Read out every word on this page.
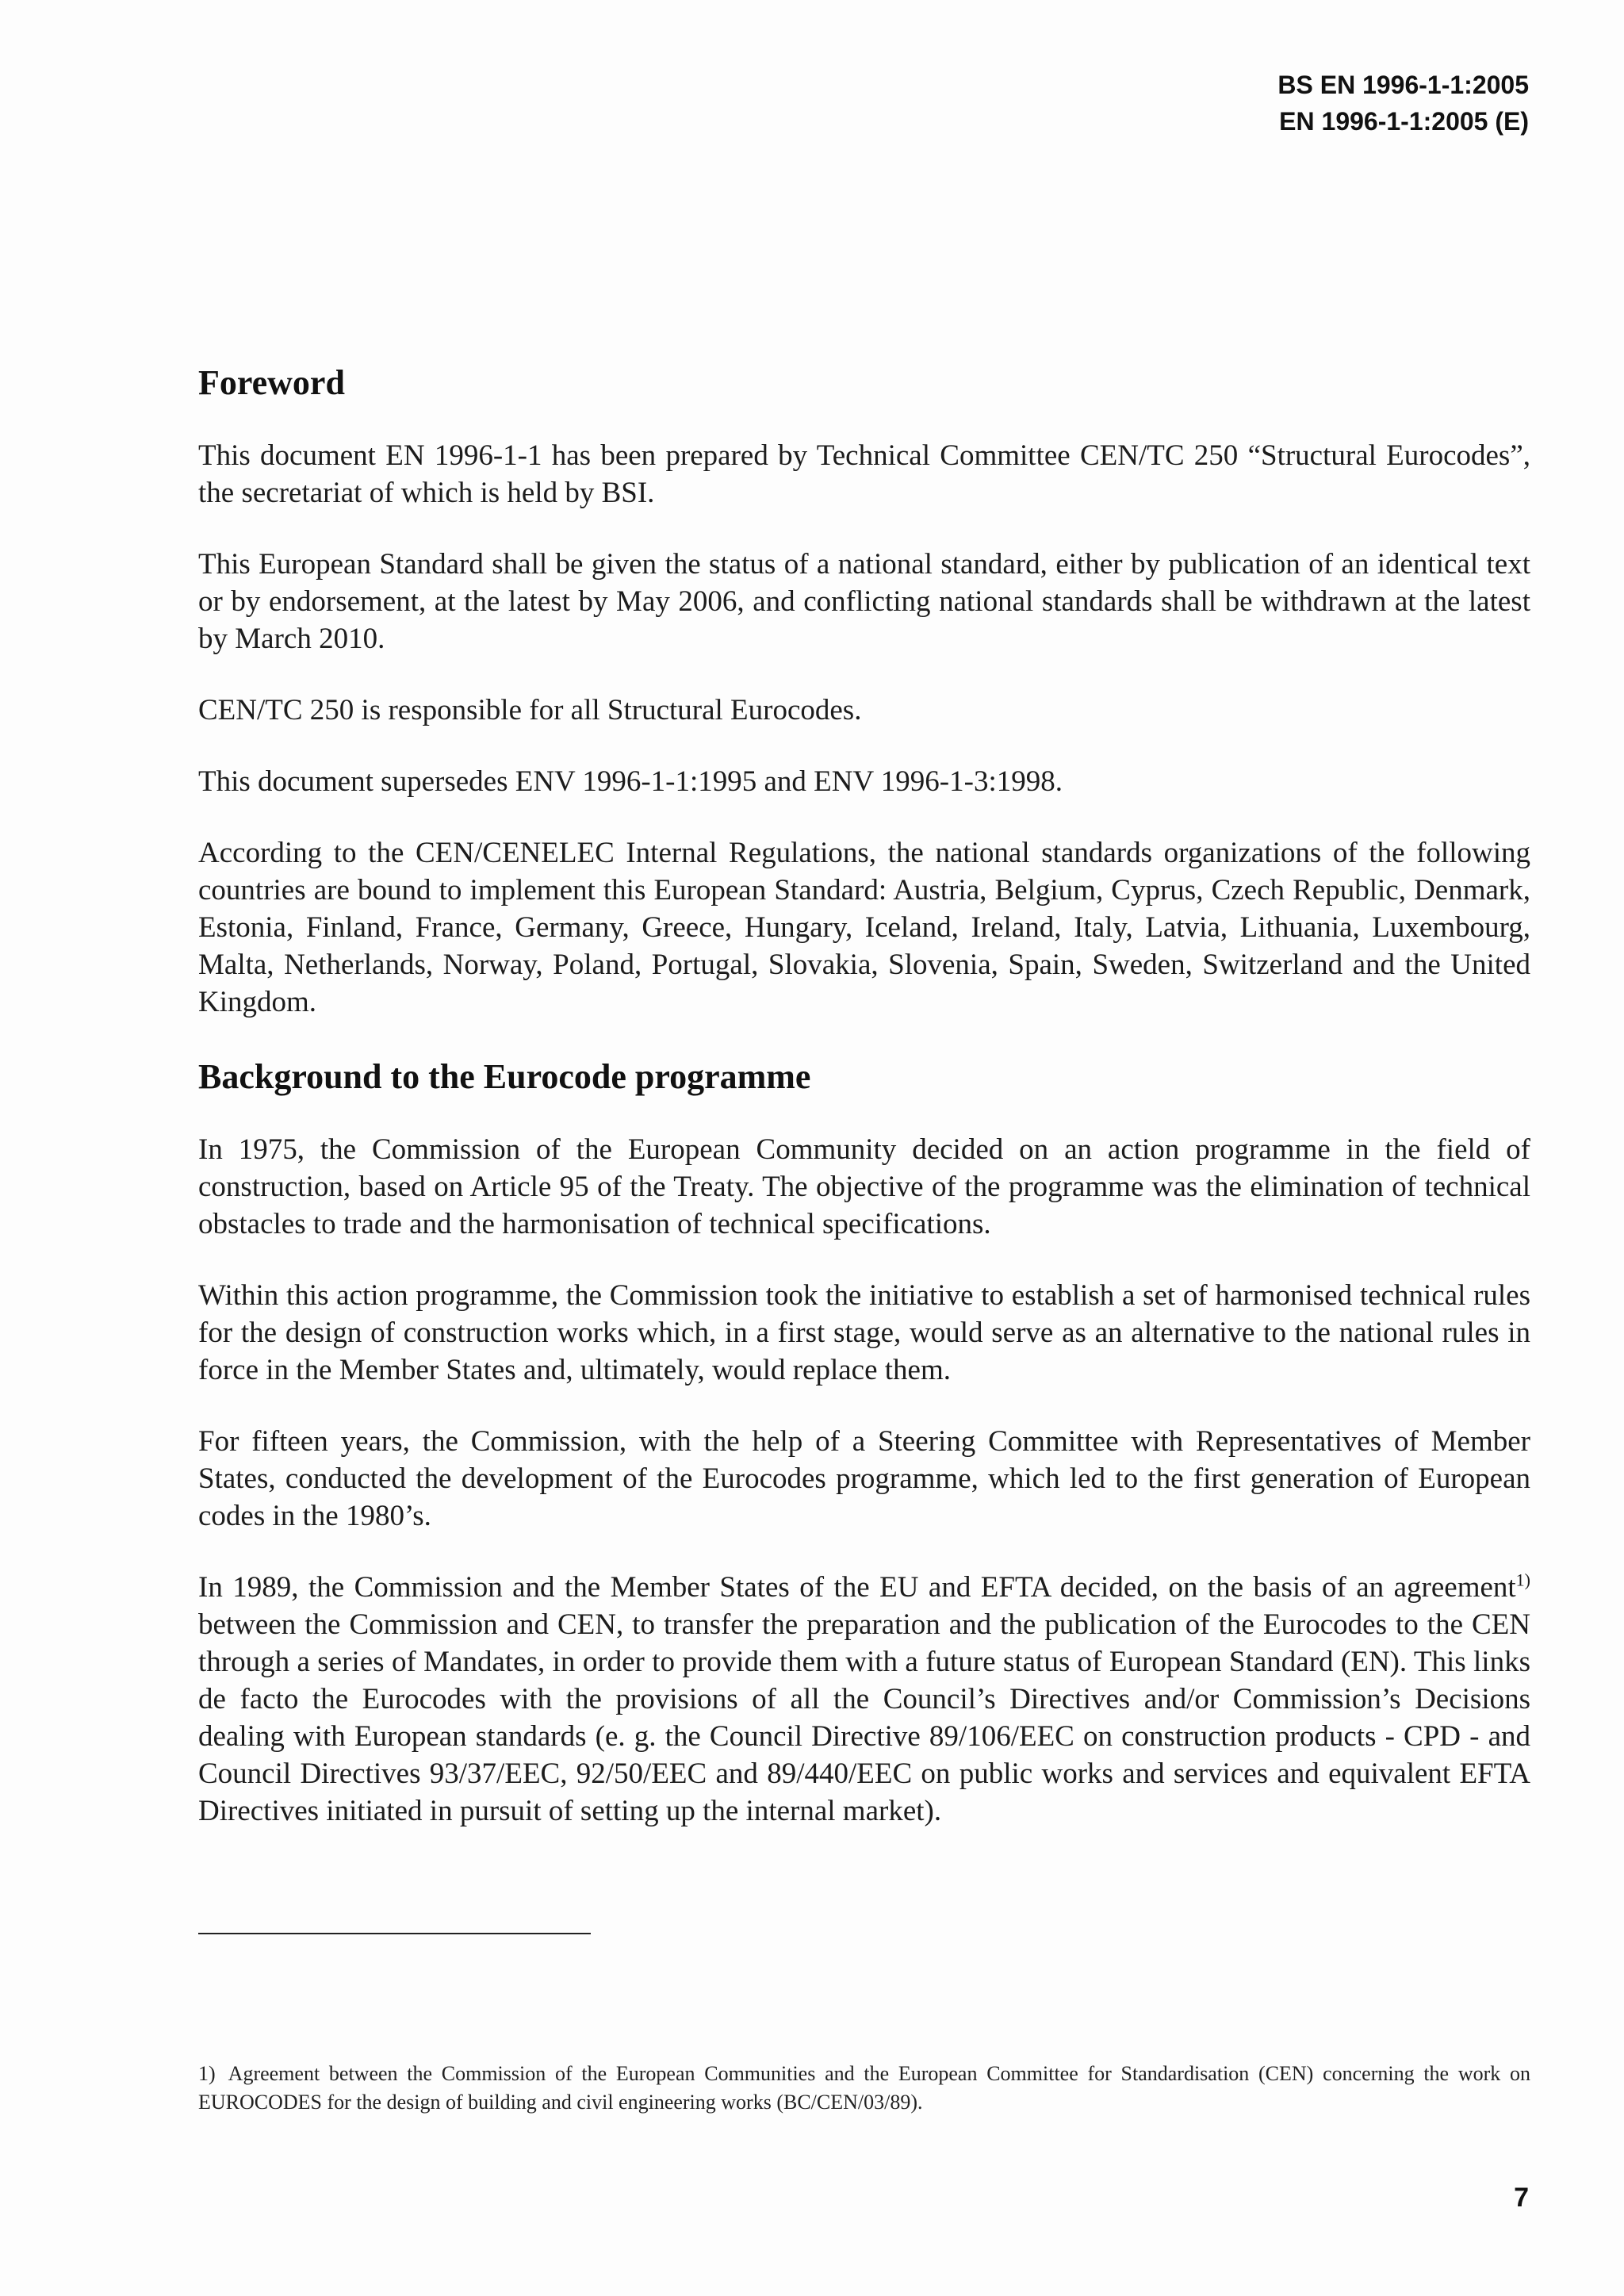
BS EN 1996-1-1:2005
EN 1996-1-1:2005 (E)
Foreword

This document EN 1996-1-1 has been prepared by Technical Committee CEN/TC 250 “Structural Eurocodes”, the secretariat of which is held by BSI.

This European Standard shall be given the status of a national standard, either by publication of an identical text or by endorsement, at the latest by May 2006, and conflicting national standards shall be withdrawn at the latest by March 2010.

CEN/TC 250 is responsible for all Structural Eurocodes.

This document supersedes ENV 1996-1-1:1995 and ENV 1996-1-3:1998.

According to the CEN/CENELEC Internal Regulations, the national standards organizations of the following countries are bound to implement this European Standard: Austria, Belgium, Cyprus, Czech Republic, Denmark, Estonia, Finland, France, Germany, Greece, Hungary, Iceland, Ireland, Italy, Latvia, Lithuania, Luxembourg, Malta, Netherlands, Norway, Poland, Portugal, Slovakia, Slovenia, Spain, Sweden, Switzerland and the United Kingdom.

Background to the Eurocode programme

In 1975, the Commission of the European Community decided on an action programme in the field of construction, based on Article 95 of the Treaty. The objective of the programme was the elimination of technical obstacles to trade and the harmonisation of technical specifications.

Within this action programme, the Commission took the initiative to establish a set of harmonised technical rules for the design of construction works which, in a first stage, would serve as an alternative to the national rules in force in the Member States and, ultimately, would replace them.

For fifteen years, the Commission, with the help of a Steering Committee with Representatives of Member States, conducted the development of the Eurocodes programme, which led to the first generation of European codes in the 1980’s.

In 1989, the Commission and the Member States of the EU and EFTA decided, on the basis of an agreement$^{1)}$ between the Commission and CEN, to transfer the preparation and the publication of the Eurocodes to the CEN through a series of Mandates, in order to provide them with a future status of European Standard (EN). This links de facto the Eurocodes with the provisions of all the Council’s Directives and/or Commission’s Decisions dealing with European standards (e. g. the Council Directive 89/106/EEC on construction products - CPD - and Council Directives 93/37/EEC, 92/50/EEC and 89/440/EEC on public works and services and equivalent EFTA Directives initiated in pursuit of setting up the internal market).

1) Agreement between the Commission of the European Communities and the European Committee for Standardisation (CEN) concerning the work on EUROCODES for the design of building and civil engineering works (BC/CEN/03/89).
7
